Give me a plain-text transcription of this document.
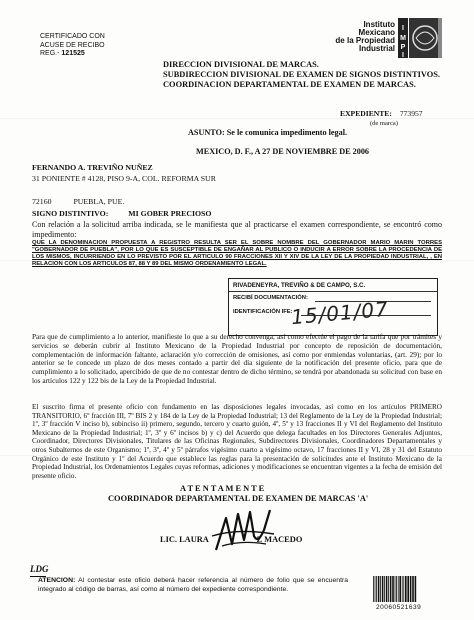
CERTIFICADO CON
ACUSE DE RECIBO
REG.- 121525
Instituto
Mexicano
de la Propiedad
Industrial
I
M
P
I
DIRECCION DIVISIONAL DE MARCAS.
SUBDIRECCION DIVISIONAL DE EXAMEN DE SIGNOS DISTINTIVOS.
COORDINACION DEPARTAMENTAL DE EXAMEN DE MARCAS.
EXPEDIENTE: 773957
(de marca)
ASUNTO: Se le comunica impedimento legal.
MEXICO, D. F., A 27 DE NOVIEMBRE DE 2006
FERNANDO A. TREVIÑO NUÑEZ
31 PONIENTE # 4128, PISO 9-A, COL. REFORMA SUR
72160	PUEBLA, PUE.
SIGNO DISTINTIVO:	MI GOBER PRECIOSO
Con relación a la solicitud arriba indicada, se le manifiesta que al practicarse el examen correspondiente, se encontró como impedimento:
QUE LA DENOMINACION PROPUESTA A REGISTRO RESULTA SER EL SOBRE NOMBRE DEL GOBERNADOR MARIO MARIN TORRES "GOBERNADOR DE PUEBLA", POR LO QUE ES SUSCEPTIBLE DE ENGAÑAR AL PUBLICO O INDUCIR A ERROR SOBRE LA PROCEDENCIA DE LOS MISMOS, INCURRIENDO EN LO PREVISTO POR EL ARTICULO 90 FRACCIONES XII Y XIV DE LA LEY DE LA PROPIEDAD INDUSTRIAL, , EN RELACION CON LOS ARTICULOS 87, 88 Y 89 DEL MISMO ORDENAMIENTO LEGAL.
RIVADENEYRA, TREVIÑO & DE CAMPO, S.C.
RECIBÍ DOCUMENTACIÓN:
IDENTIFICACIÓN IFE:
15/01/07
Para que de cumplimiento a lo anterior, manifieste lo que a su derecho convenga, así como efectúe el pago de la tarifa que por trámites y servicios se deberán cubrir al Instituto Mexicano de la Propiedad Industrial por concepto de reposición de documentación, complementación de información faltante, aclaración y/o corrección de omisiones, así como por enmiendas voluntarias, (art. 29); por lo anterior se le concede un plazo de dos meses contado a partir del día siguiente de la notificación del presente oficio, para que de cumplimiento a lo solicitado, apercibido de que de no contestar dentro de dicho término, se tendrá por abandonada su solicitud con base en los artículos 122 y 122 bis de la Ley de la Propiedad Industrial.
El suscrito firma el presente oficio con fundamento en las disposiciones legales invocadas, así como en los artículos PRIMERO TRANSITORIO, 6º fracción III, 7º BIS 2 y 184 de la Ley de la Propiedad Industrial; 13 del Reglamento de la Ley de la Propiedad Industrial; 1º, 3º fracción V inciso b), subinciso ii) primero, segundo, tercero y cuarto guión, 4º, 5º y 13 fracciones II y VI del Reglamento del Instituto Mexicano de la Propiedad Industrial; 1º, 3º y 6º incisos b) y c) del Acuerdo que delega facultades en los Directores Generales Adjuntos, Coordinador, Directores Divisionales, Titulares de las Oficinas Regionales, Subdirectores Divisionales, Coordinadores Departamentales y otros Subalternos de este Organismo; 1º, 3º, 4º y 5º párrafos vigésimo cuarto a vigésimo octavo, 17 fracciones II y VI, 28 y 31 del Estatuto Orgánico de este Instituto y 1º del Acuerdo que establece las reglas para la presentación de solicitudes ante el Instituto Mexicano de la Propiedad Industrial, los Ordenamientos Legales cuyas reformas, adiciones y modificaciones se encuentran vigentes a la fecha de emisión del presente oficio.
A T E N T A M E N T E
COORDINADOR DEPARTAMENTAL DE EXAMEN DE MARCAS 'A'
LIC. LAURA	Z MACEDO
LDG
ATENCION: Al contestar este oficio deberá hacer referencia al número de folio que se encuentra integrado al código de barras, así como al número del expediente correspondiente.
20060521639
